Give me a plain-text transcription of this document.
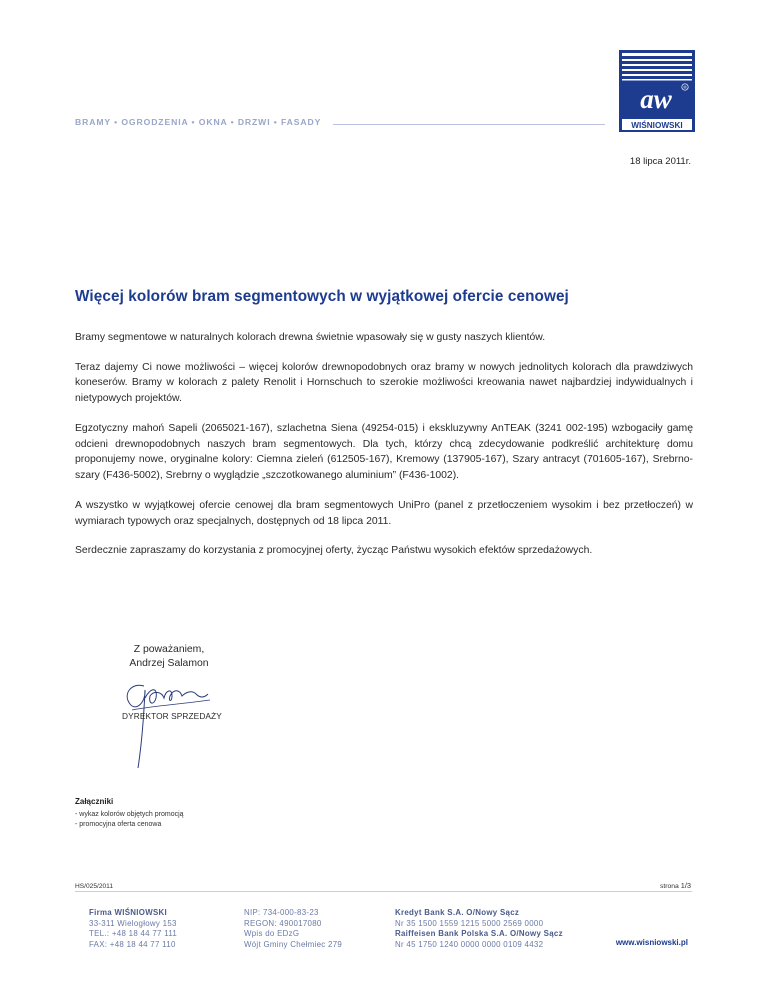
BRAMY • OGRODZENIA • OKNA • DRZWI • FASADY
aw	®
WIŚNIOWSKI
18 lipca 2011r.
Więcej kolorów bram segmentowych w wyjątkowej ofercie cenowej

Bramy segmentowe w naturalnych kolorach drewna świetnie wpasowały się w gusty naszych klientów.

Teraz dajemy Ci nowe możliwości – więcej kolorów drewnopodobnych oraz bramy w nowych jednolitych kolorach dla prawdziwych koneserów. Bramy w kolorach z palety Renolit i Hornschuch to szerokie możliwości kreowania nawet najbardziej indywidualnych i nietypowych projektów.

Egzotyczny mahoń Sapeli (2065021-167), szlachetna Siena (49254-015) i ekskluzywny AnTEAK (3241 002-195) wzbogaciły gamę odcieni drewnopodobnych naszych bram segmentowych. Dla tych, którzy chcą zdecydowanie podkreślić architekturę domu proponujemy nowe, oryginalne kolory: Ciemna zieleń (612505-167), Kremowy (137905-167), Szary antracyt (701605-167), Srebrno-szary (F436-5002), Srebrny o wyglądzie „szczotkowanego aluminium” (F436-1002).

A wszystko w wyjątkowej ofercie cenowej dla bram segmentowych UniPro (panel z przetłoczeniem wysokim i bez przetłoczeń) w wymiarach typowych oraz specjalnych, dostępnych od 18 lipca 2011.

Serdecznie zapraszamy do korzystania z promocyjnej oferty, życząc Państwu wysokich efektów sprzedażowych.

Z poważaniem,
Andrzej Salamon
DYREKTOR SPRZEDAŻY
Załączniki
- wykaz kolorów objętych promocją
- promocyjna oferta cenowa
HS/025/2011	strona 1/3
Firma WIŚNIOWSKI
33-311 Wielogłowy 153
TEL.: +48 18 44 77 111
FAX: +48 18 44 77 110
NIP: 734-000-83-23
REGON: 490017080
Wpis do EDzG
Wójt Gminy Chełmiec 279
Kredyt Bank S.A. O/Nowy Sącz
Nr 35 1500 1559 1215 5000 2569 0000
Raiffeisen Bank Polska S.A. O/Nowy Sącz
Nr 45 1750 1240 0000 0000 0109 4432	www.wisniowski.pl
